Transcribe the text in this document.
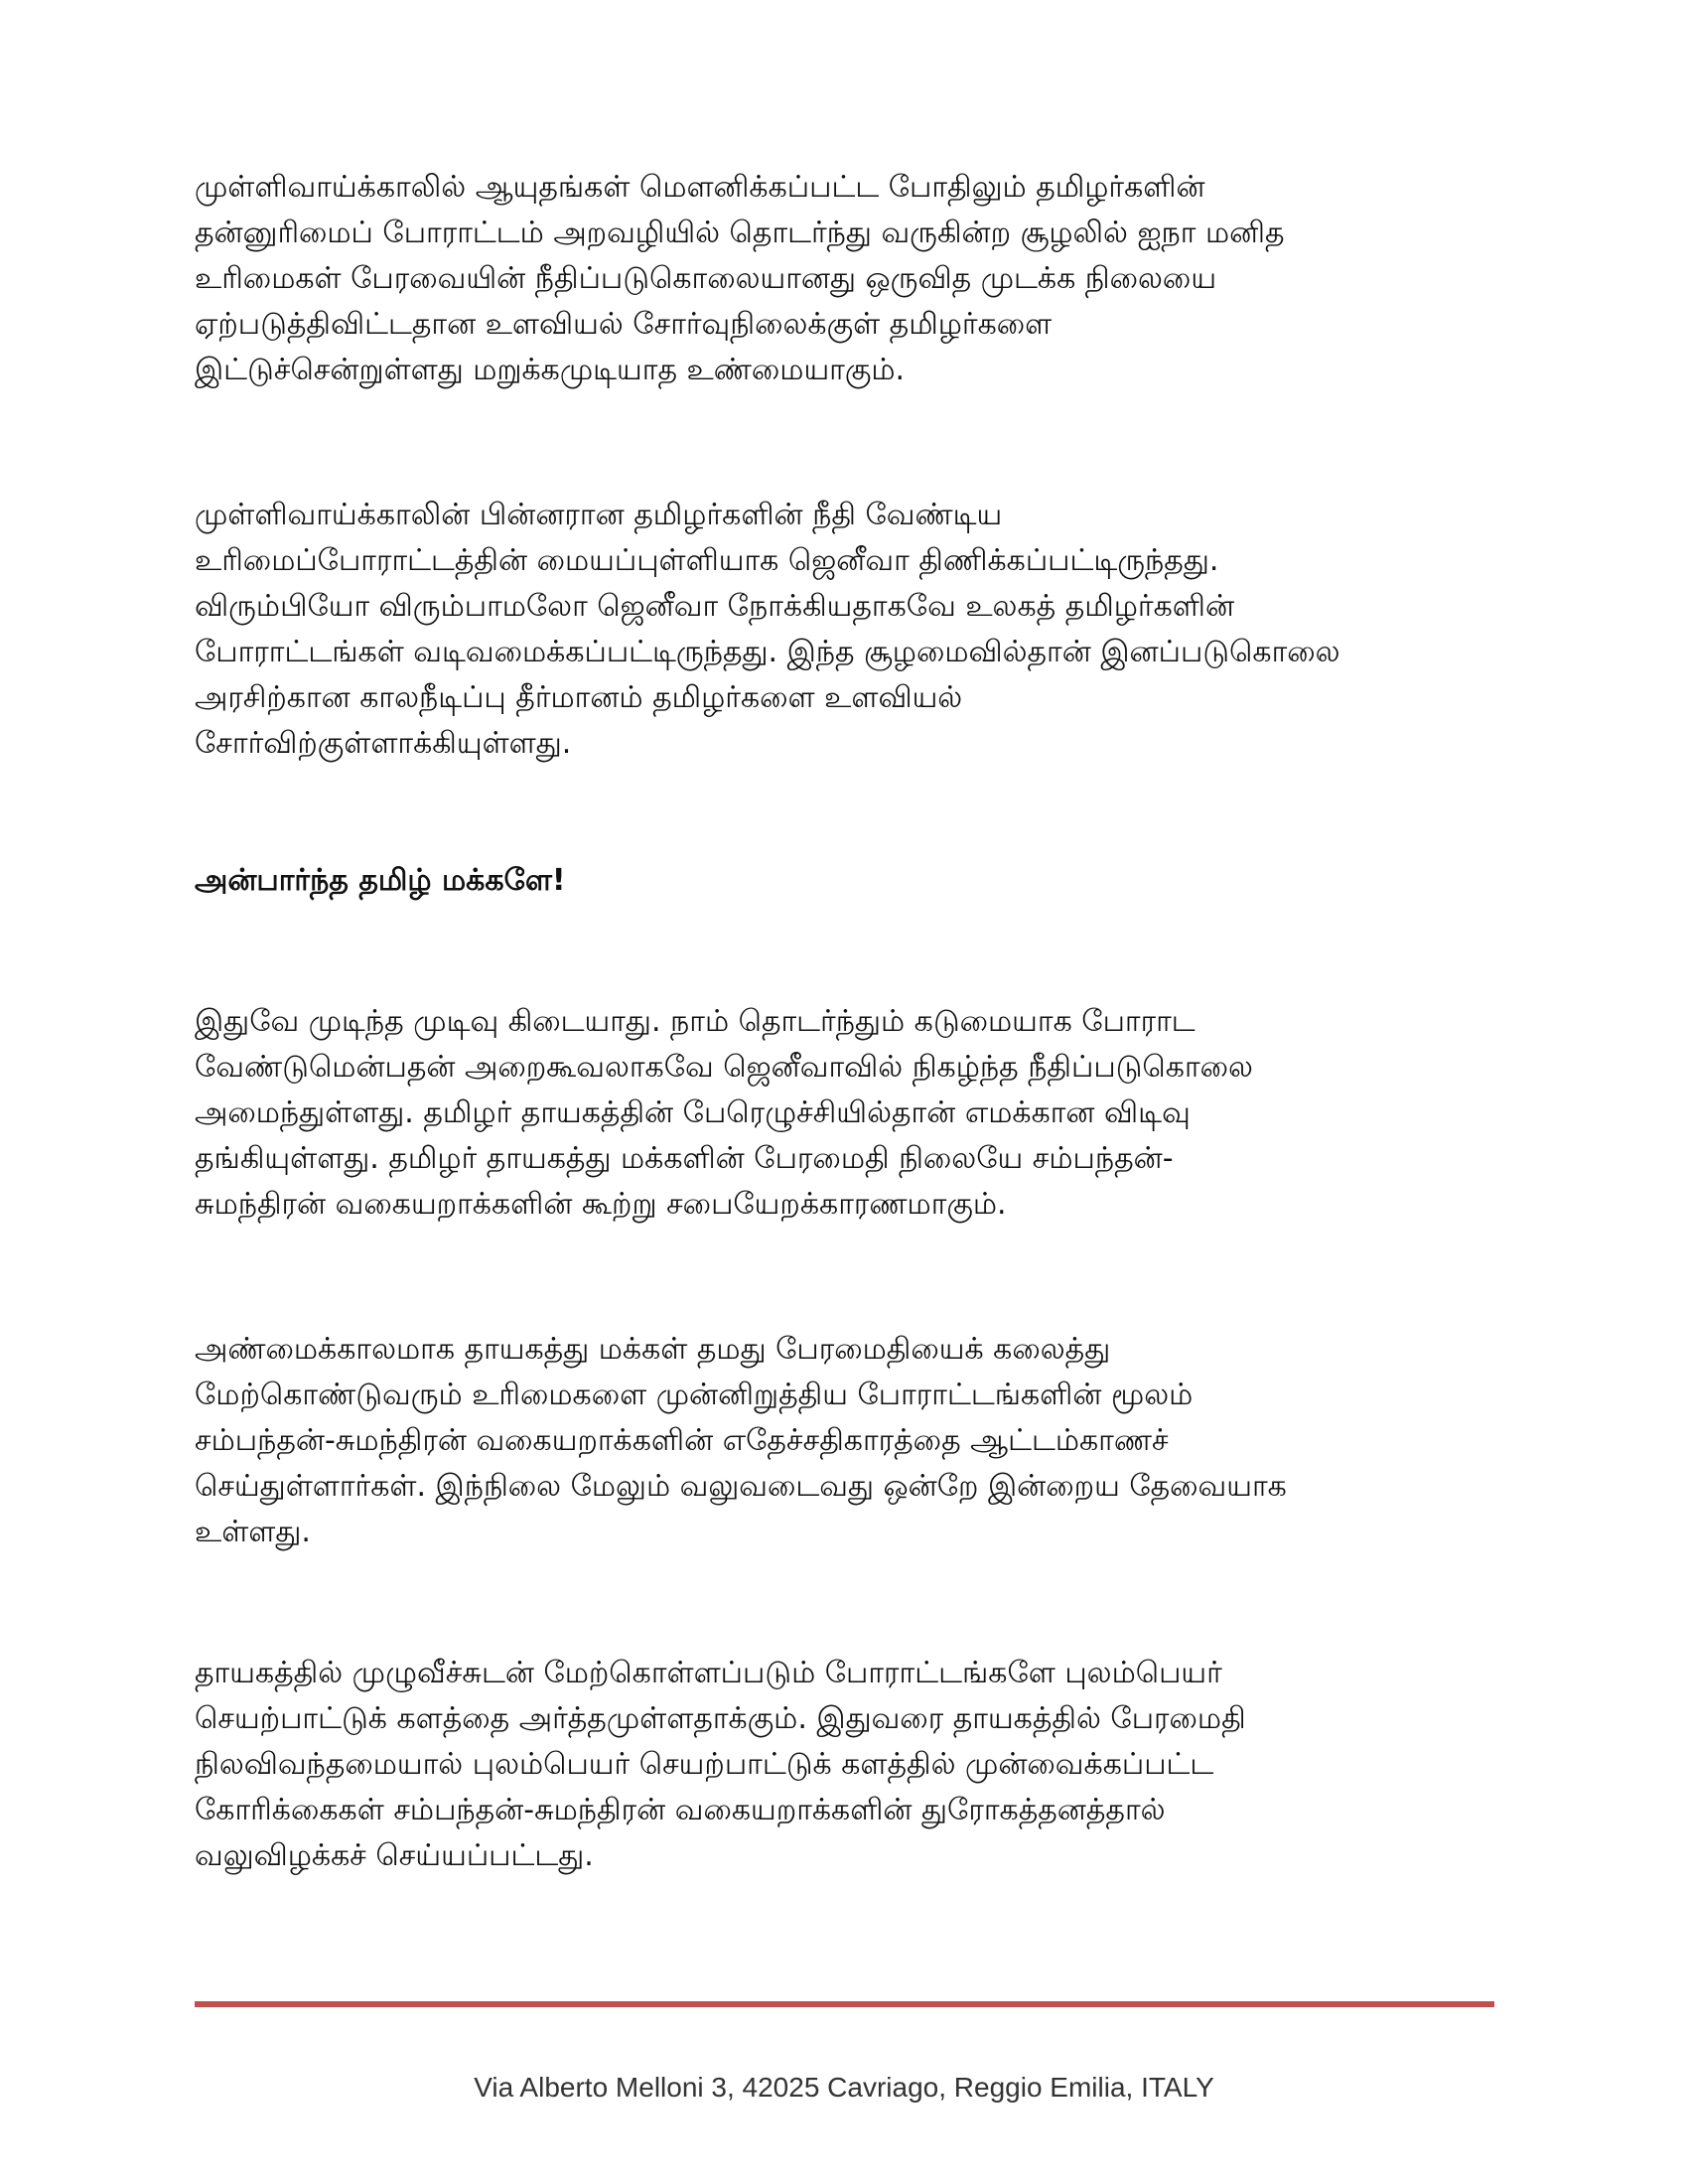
முள்ளிவாய்க்காலில் ஆயுதங்கள் மௌனிக்கப்பட்ட போதிலும் தமிழர்களின்
தன்னுரிமைப் போராட்டம் அறவழியில் தொடர்ந்து வருகின்ற சூழலில் ஐநா மனித
உரிமைகள் பேரவையின் நீதிப்படுகொலையானது ஒருவித முடக்க நிலையை
ஏற்படுத்திவிட்டதான உளவியல் சோர்வுநிலைக்குள் தமிழர்களை
இட்டுச்சென்றுள்ளது மறுக்கமுடியாத உண்மையாகும்.

முள்ளிவாய்க்காலின் பின்னரான தமிழர்களின் நீதி வேண்டிய
உரிமைப்போராட்டத்தின் மையப்புள்ளியாக ஜெனீவா திணிக்கப்பட்டிருந்தது.
விரும்பியோ விரும்பாமலோ ஜெனீவா நோக்கியதாகவே உலகத் தமிழர்களின்
போராட்டங்கள் வடிவமைக்கப்பட்டிருந்தது. இந்த சூழமைவில்தான் இனப்படுகொலை
அரசிற்கான காலநீடிப்பு தீர்மானம் தமிழர்களை உளவியல்
சோர்விற்குள்ளாக்கியுள்ளது.

அன்பார்ந்த தமிழ் மக்களே!

இதுவே முடிந்த முடிவு கிடையாது. நாம் தொடர்ந்தும் கடுமையாக போராட
வேண்டுமென்பதன் அறைகூவலாகவே ஜெனீவாவில் நிகழ்ந்த நீதிப்படுகொலை
அமைந்துள்ளது. தமிழர் தாயகத்தின் பேரெழுச்சியில்தான் எமக்கான விடிவு
தங்கியுள்ளது. தமிழர் தாயகத்து மக்களின் பேரமைதி நிலையே சம்பந்தன்-
சுமந்திரன் வகையறாக்களின் கூற்று சபையேறக்காரணமாகும்.

அண்மைக்காலமாக தாயகத்து மக்கள் தமது பேரமைதியைக் கலைத்து
மேற்கொண்டுவரும் உரிமைகளை முன்னிறுத்திய போராட்டங்களின் மூலம்
சம்பந்தன்-சுமந்திரன் வகையறாக்களின் எதேச்சதிகாரத்தை ஆட்டம்காணச்
செய்துள்ளார்கள். இந்நிலை மேலும் வலுவடைவது ஒன்றே இன்றைய தேவையாக
உள்ளது.

தாயகத்தில் முழுவீச்சுடன் மேற்கொள்ளப்படும் போராட்டங்களே புலம்பெயர்
செயற்பாட்டுக் களத்தை அர்த்தமுள்ளதாக்கும். இதுவரை தாயகத்தில் பேரமைதி
நிலவிவந்தமையால் புலம்பெயர் செயற்பாட்டுக் களத்தில் முன்வைக்கப்பட்ட
கோரிக்கைகள் சம்பந்தன்-சுமந்திரன் வகையறாக்களின் துரோகத்தனத்தால்
வலுவிழக்கச் செய்யப்பட்டது.

Via Alberto Melloni 3, 42025 Cavriago, Reggio Emilia, ITALY
